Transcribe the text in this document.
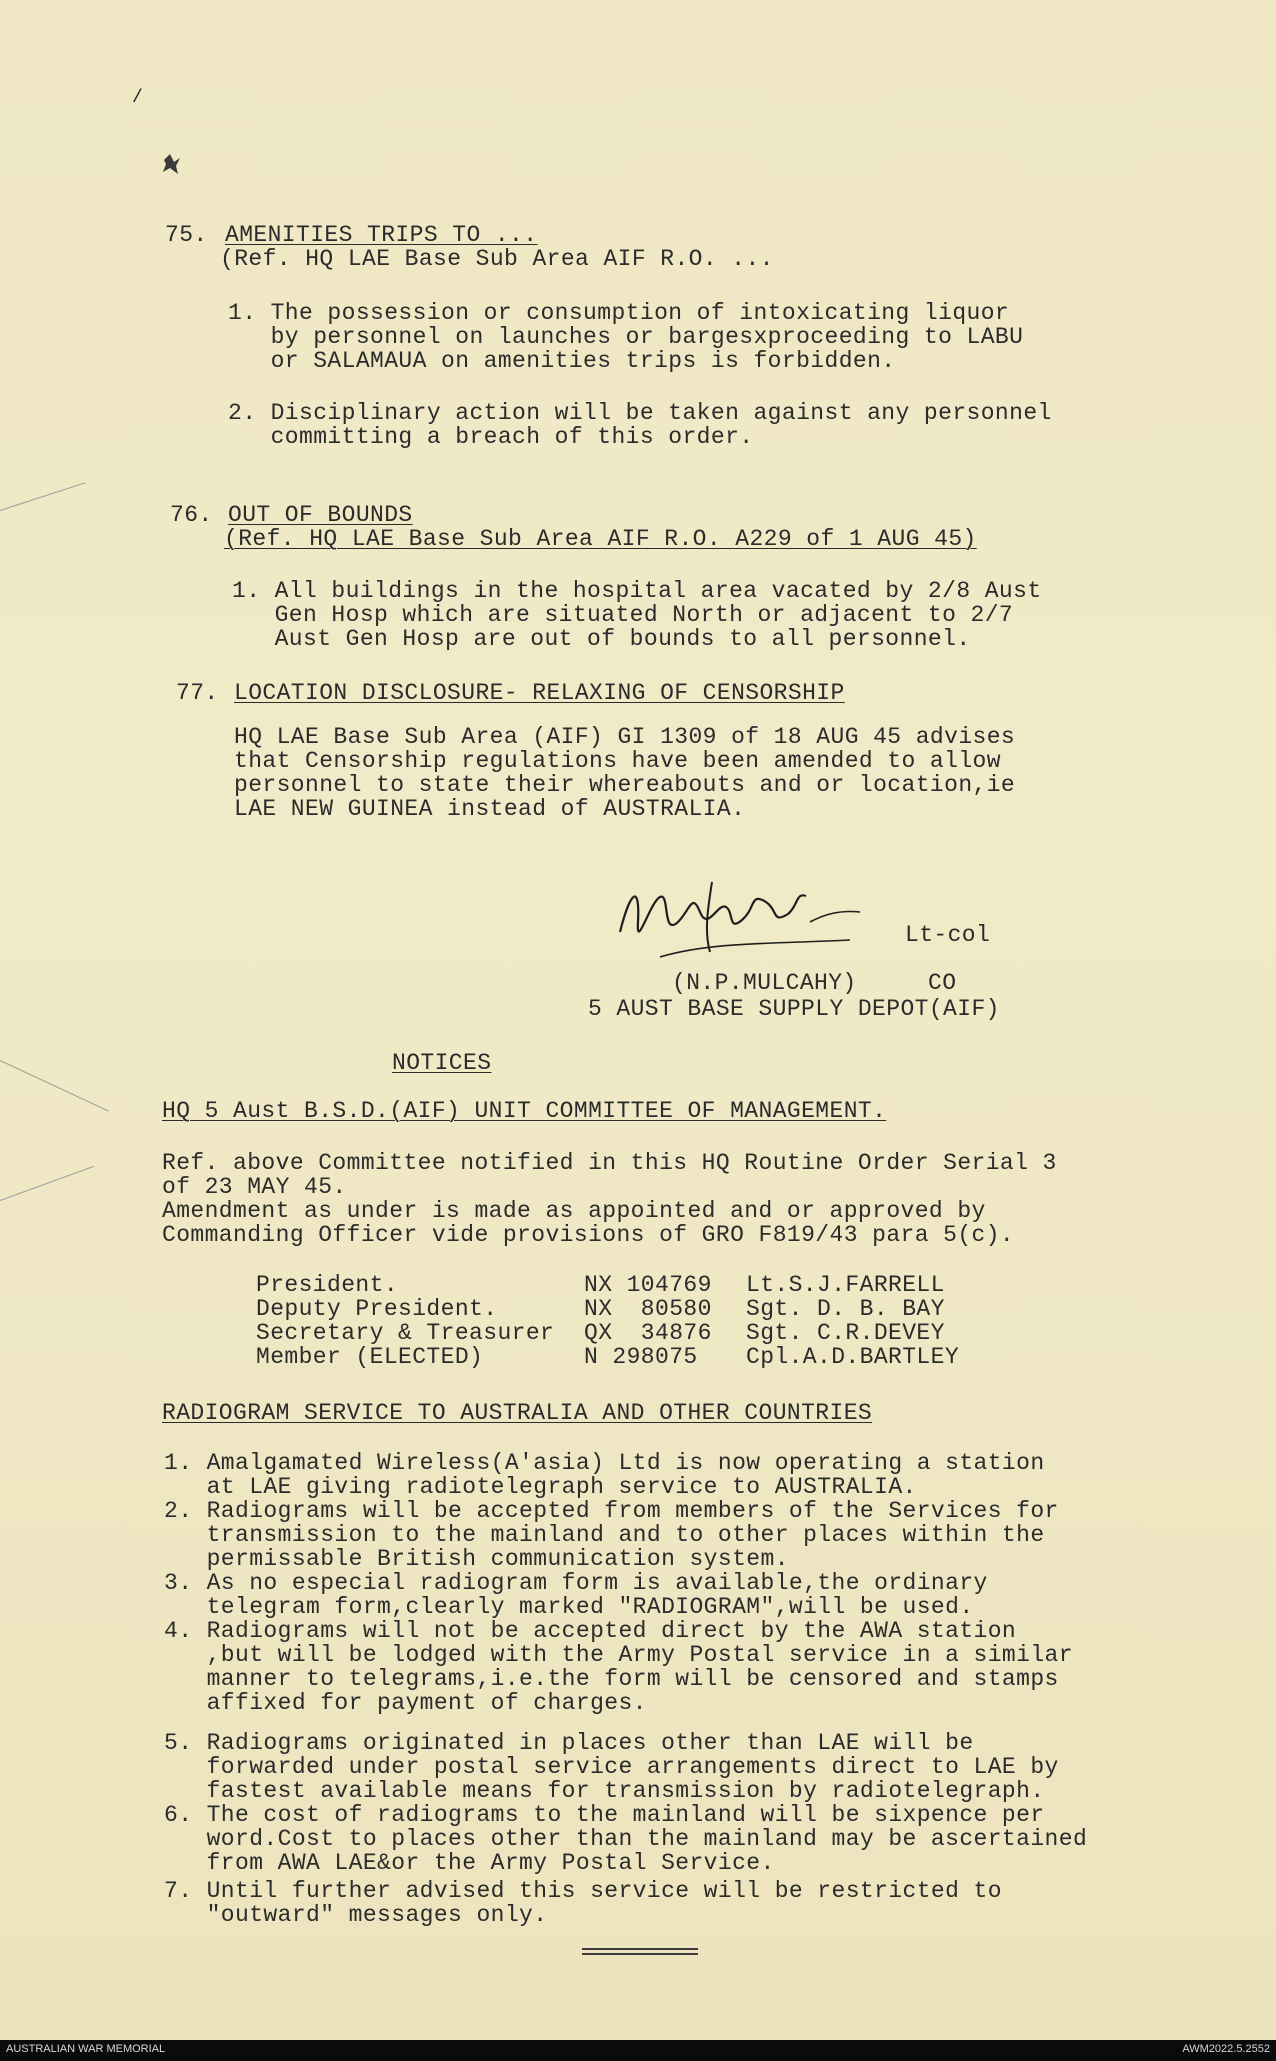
/
75. AMENITIES TRIPS TO ...
(Ref. HQ LAE Base Sub Area AIF R.O. ...
1. The possession or consumption of intoxicating liquor
by personnel on launches or bargesxproceeding to LABU
or SALAMAUA on amenities trips is forbidden.
2. Disciplinary action will be taken against any personnel
committing a breach of this order.
76. OUT OF BOUNDS
(Ref. HQ LAE Base Sub Area AIF R.O. A229 of 1 AUG 45)
1. All buildings in the hospital area vacated by 2/8 Aust
Gen Hosp which are situated North or adjacent to 2/7
Aust Gen Hosp are out of bounds to all personnel.
77. LOCATION DISCLOSURE- RELAXING OF CENSORSHIP
HQ LAE Base Sub Area (AIF) GI 1309 of 18 AUG 45 advises
that Censorship regulations have been amended to allow
personnel to state their whereabouts and or location,ie
LAE NEW GUINEA instead of AUSTRALIA.
Lt-col
(N.P.MULCAHY)	CO
5 AUST BASE SUPPLY DEPOT(AIF)
NOTICES
HQ 5 Aust B.S.D.(AIF) UNIT COMMITTEE OF MANAGEMENT.
Ref. above Committee notified in this HQ Routine Order Serial 3
of 23 MAY 45.
Amendment as under is made as appointed and or approved by
Commanding Officer vide provisions of GRO F819/43 para 5(c).
President.	NX 104769 Lt.S.J.FARRELL
Deputy President.	NX  80580 Sgt. D. B. BAY
Secretary & Treasurer QX  34876 Sgt. C.R.DEVEY
Member (ELECTED)	N 298075 Cpl.A.D.BARTLEY
RADIOGRAM SERVICE TO AUSTRALIA AND OTHER COUNTRIES
1. Amalgamated Wireless(A'asia) Ltd is now operating a station
at LAE giving radiotelegraph service to AUSTRALIA.
2. Radiograms will be accepted from members of the Services for
transmission to the mainland and to other places within the
permissable British communication system.
3. As no especial radiogram form is available,the ordinary
telegram form,clearly marked "RADIOGRAM",will be used.
4. Radiograms will not be accepted direct by the AWA station
,but will be lodged with the Army Postal service in a similar
manner to telegrams,i.e.the form will be censored and stamps
affixed for payment of charges.
5. Radiograms originated in places other than LAE will be
forwarded under postal service arrangements direct to LAE by
fastest available means for transmission by radiotelegraph.
6. The cost of radiograms to the mainland will be sixpence per
word.Cost to places other than the mainland may be ascertained
from AWA LAE&or the Army Postal Service.
7. Until further advised this service will be restricted to
"outward" messages only.
AUSTRALIAN WAR MEMORIAL	AWM2022.5.2552
